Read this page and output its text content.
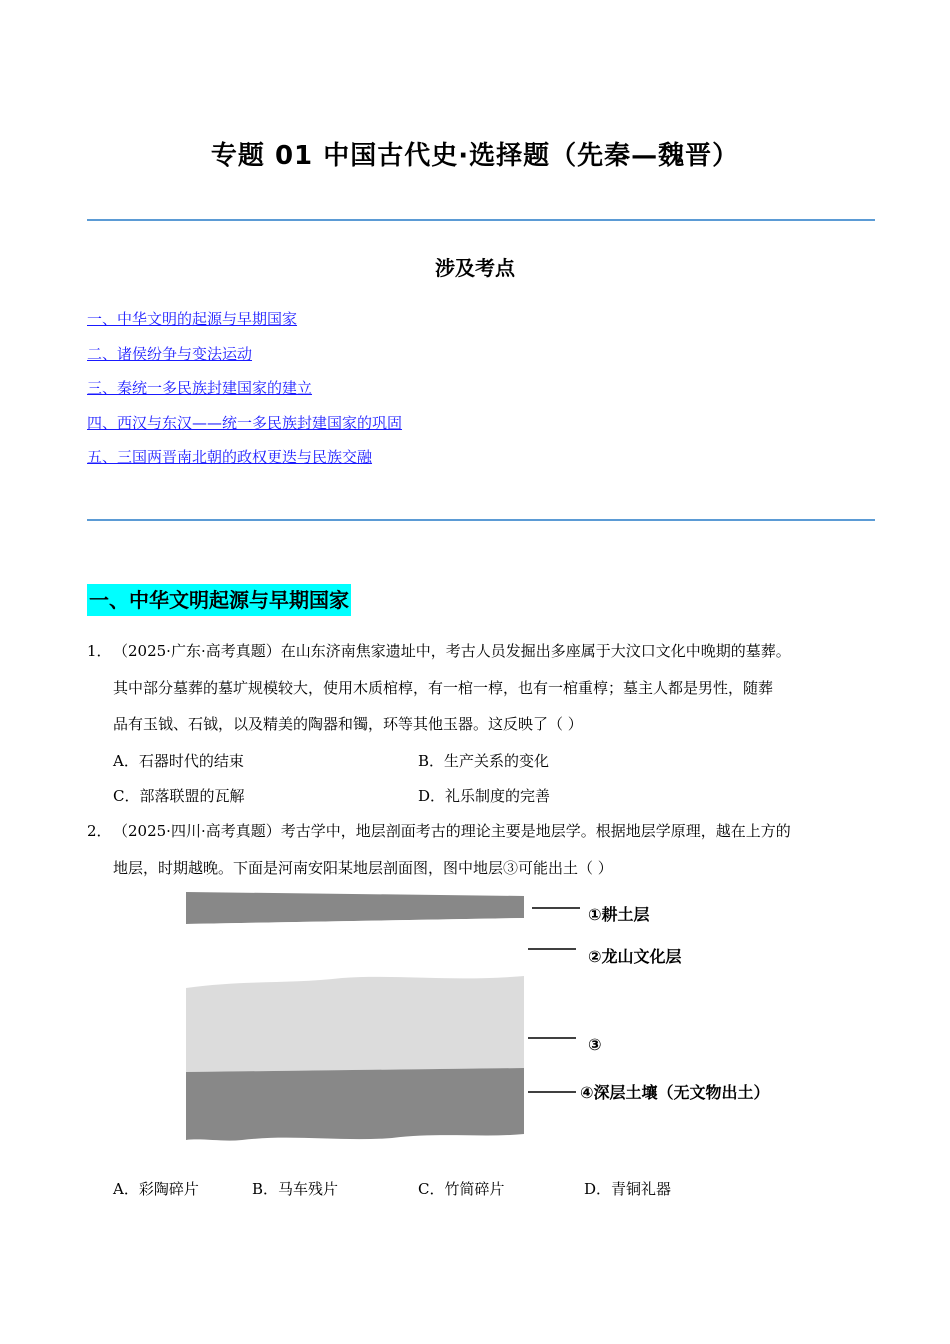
专题 01 中国古代史·选择题（先秦—魏晋）
涉及考点
一、中华文明的起源与早期国家
二、诸侯纷争与变法运动
三、秦统一多民族封建国家的建立
四、西汉与东汉——统一多民族封建国家的巩固
五、三国两晋南北朝的政权更迭与民族交融
一、中华文明起源与早期国家
1． （2025·广东·高考真题）在山东济南焦家遗址中，考古人员发掘出多座属于大汶口文化中晚期的墓葬。
其中部分墓葬的墓圹规模较大，使用木质棺椁，有一棺一椁，也有一棺重椁；墓主人都是男性，随葬
品有玉钺、石钺，以及精美的陶器和镯，环等其他玉器。这反映了（ ）
A．石器时代的结束	B．生产关系的变化
C．部落联盟的瓦解	D．礼乐制度的完善
2． （2025·四川·高考真题）考古学中，地层剖面考古的理论主要是地层学。根据地层学原理，越在上方的
地层，时期越晚。下面是河南安阳某地层剖面图，图中地层③可能出土（ ）
①耕土层
②龙山文化层
③
④深层土壤（无文物出土）
A．彩陶碎片	B．马车残片	C．竹简碎片	D．青铜礼器
